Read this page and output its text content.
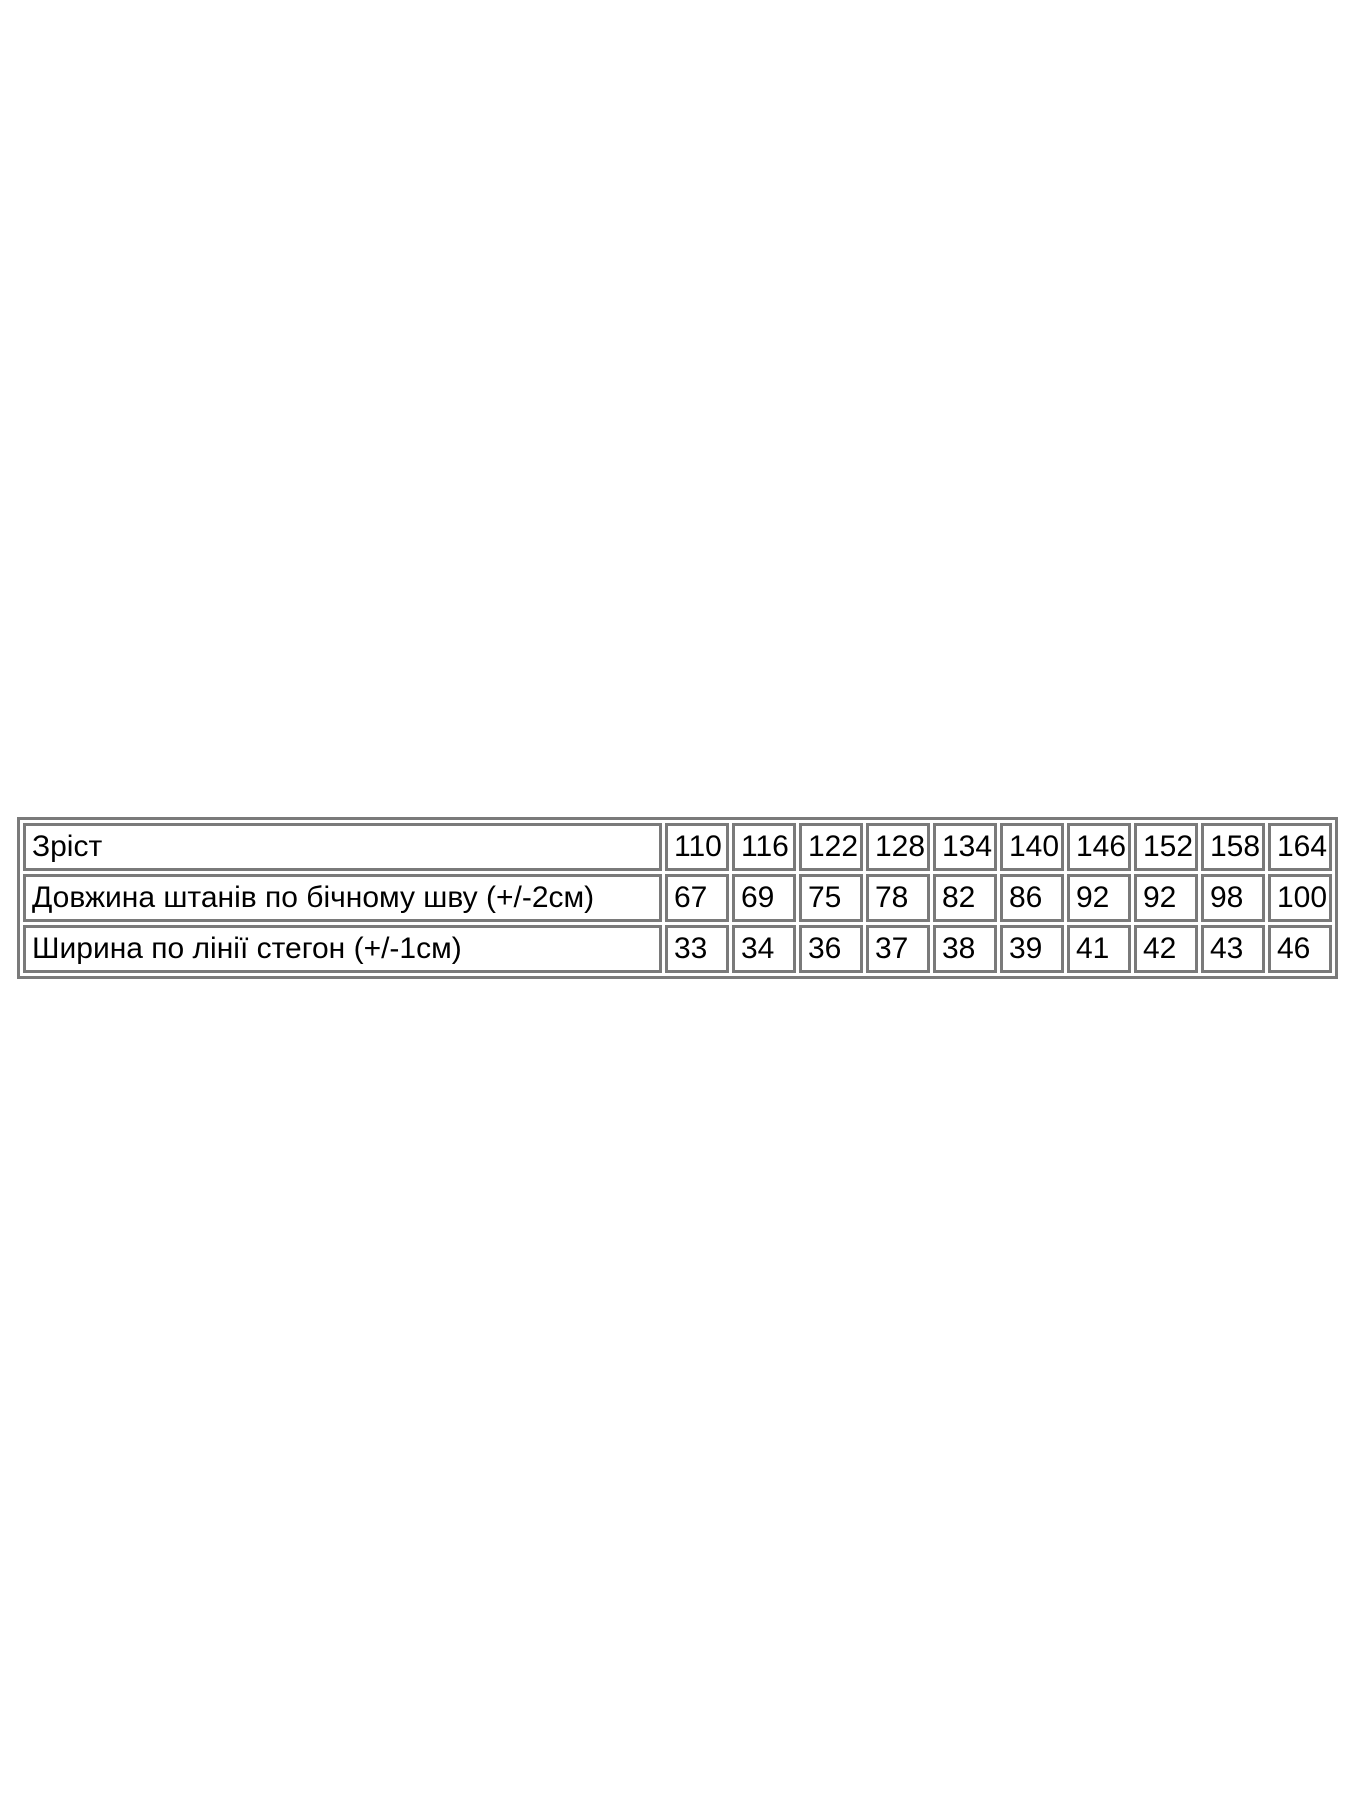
Зріст	110	116	122	128	134	140	146	152	158	164
Довжина штанів по бічному шву (+/-2см)	67	69	75	78	82	86	92	92	98	100
Ширина по лінії стегон (+/-1см)	33	34	36	37	38	39	41	42	43	46
